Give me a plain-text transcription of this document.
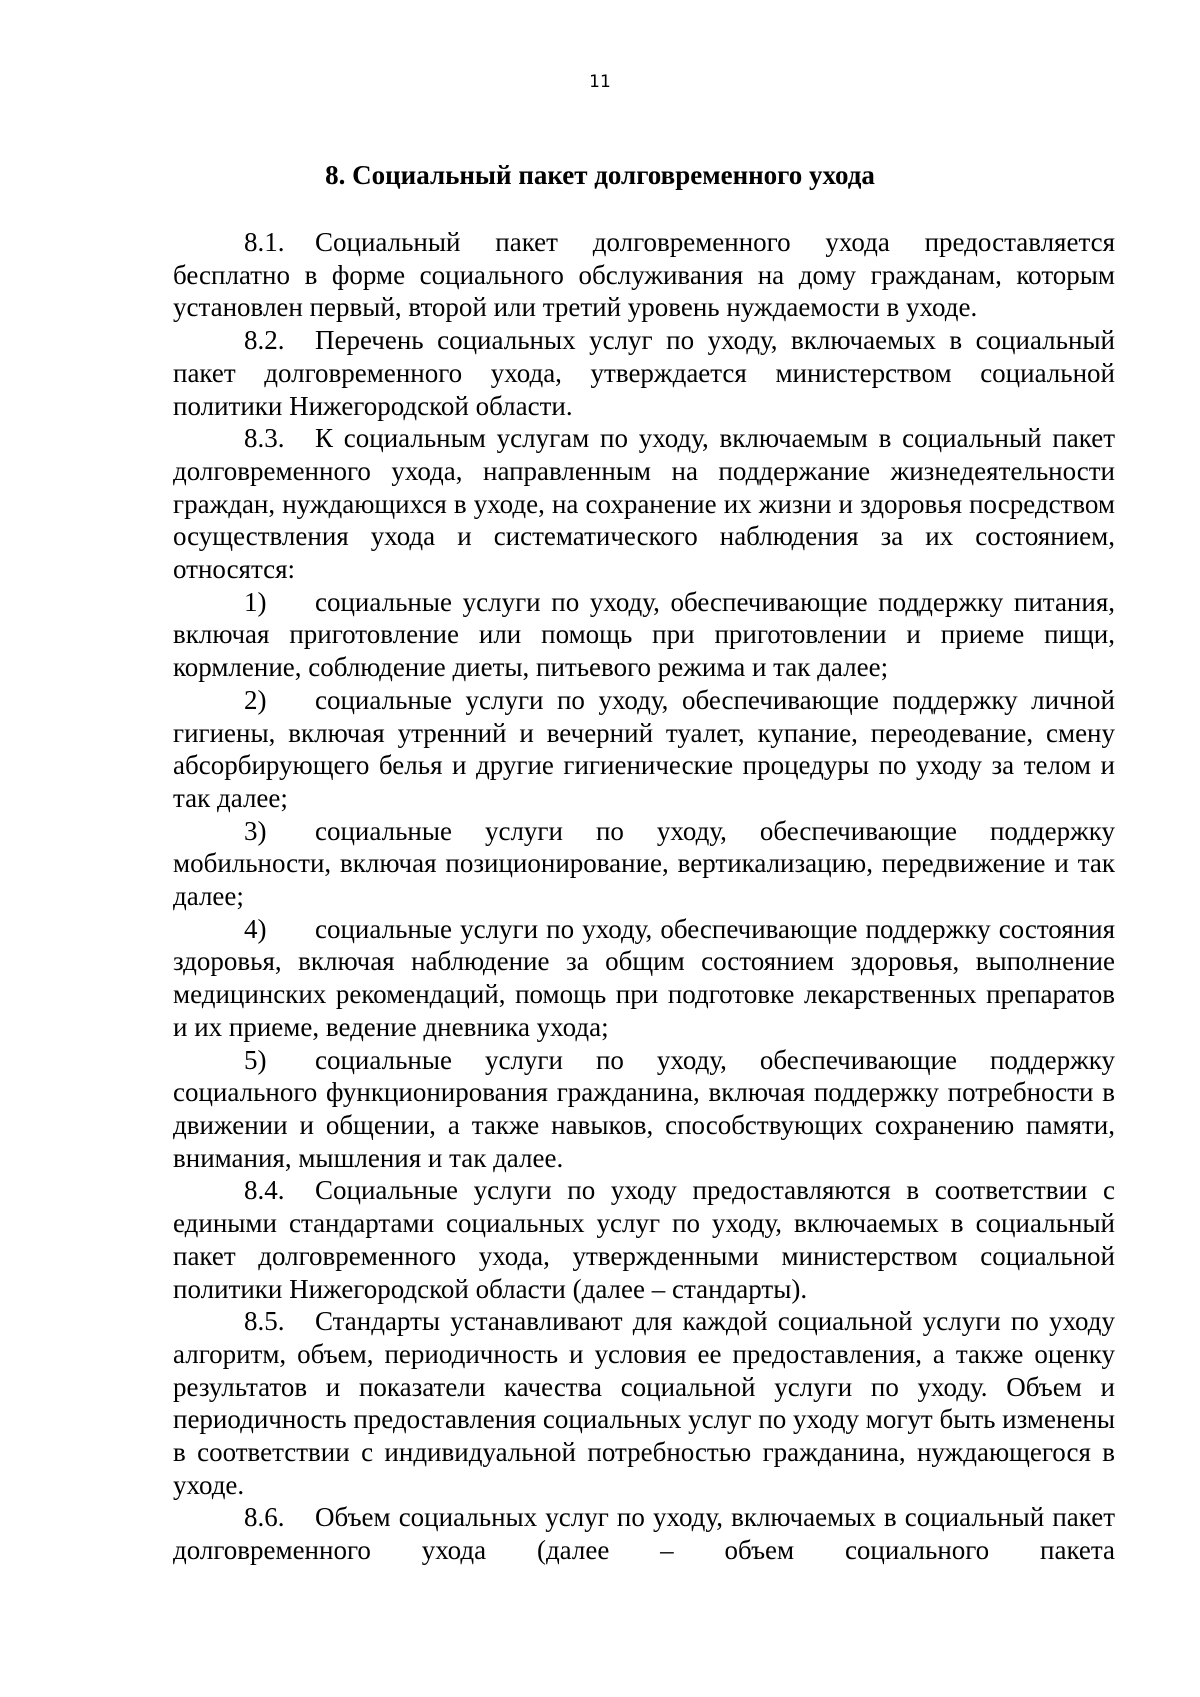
11
8. Социальный пакет долговременного ухода

8.1. Социальный пакет долговременного ухода предоставляется бесплатно в форме социального обслуживания на дому гражданам, которым установлен первый, второй или третий уровень нуждаемости в уходе.

8.2. Перечень социальных услуг по уходу, включаемых в социальный пакет долговременного ухода, утверждается министерством социальной политики Нижегородской области.

8.3. К социальным услугам по уходу, включаемым в социальный пакет долговременного ухода, направленным на поддержание жизнедеятельности граждан, нуждающихся в уходе, на сохранение их жизни и здоровья посредством осуществления ухода и систематического наблюдения за их состоянием, относятся:

1) социальные услуги по уходу, обеспечивающие поддержку питания, включая приготовление или помощь при приготовлении и приеме пищи, кормление, соблюдение диеты, питьевого режима и так далее;

2) социальные услуги по уходу, обеспечивающие поддержку личной гигиены, включая утренний и вечерний туалет, купание, переодевание, смену абсорбирующего белья и другие гигиенические процедуры по уходу за телом и так далее;

3) социальные услуги по уходу, обеспечивающие поддержку мобильности, включая позиционирование, вертикализацию, передвижение и так далее;

4) социальные услуги по уходу, обеспечивающие поддержку состояния здоровья, включая наблюдение за общим состоянием здоровья, выполнение медицинских рекомендаций, помощь при подготовке лекарственных препаратов и их приеме, ведение дневника ухода;

5) социальные услуги по уходу, обеспечивающие поддержку социального функционирования гражданина, включая поддержку потребности в движении и общении, а также навыков, способствующих сохранению памяти, внимания, мышления и так далее.

8.4. Социальные услуги по уходу предоставляются в соответствии с едиными стандартами социальных услуг по уходу, включаемых в социальный пакет долговременного ухода, утвержденными министерством социальной политики Нижегородской области (далее – стандарты).

8.5. Стандарты устанавливают для каждой социальной услуги по уходу алгоритм, объем, периодичность и условия ее предоставления, а также оценку результатов и показатели качества социальной услуги по уходу. Объем и периодичность предоставления социальных услуг по уходу могут быть изменены в соответствии с индивидуальной потребностью гражданина, нуждающегося в уходе.

8.6. Объем социальных услуг по уходу, включаемых в социальный пакет долговременного ухода (далее – объем социального пакета
